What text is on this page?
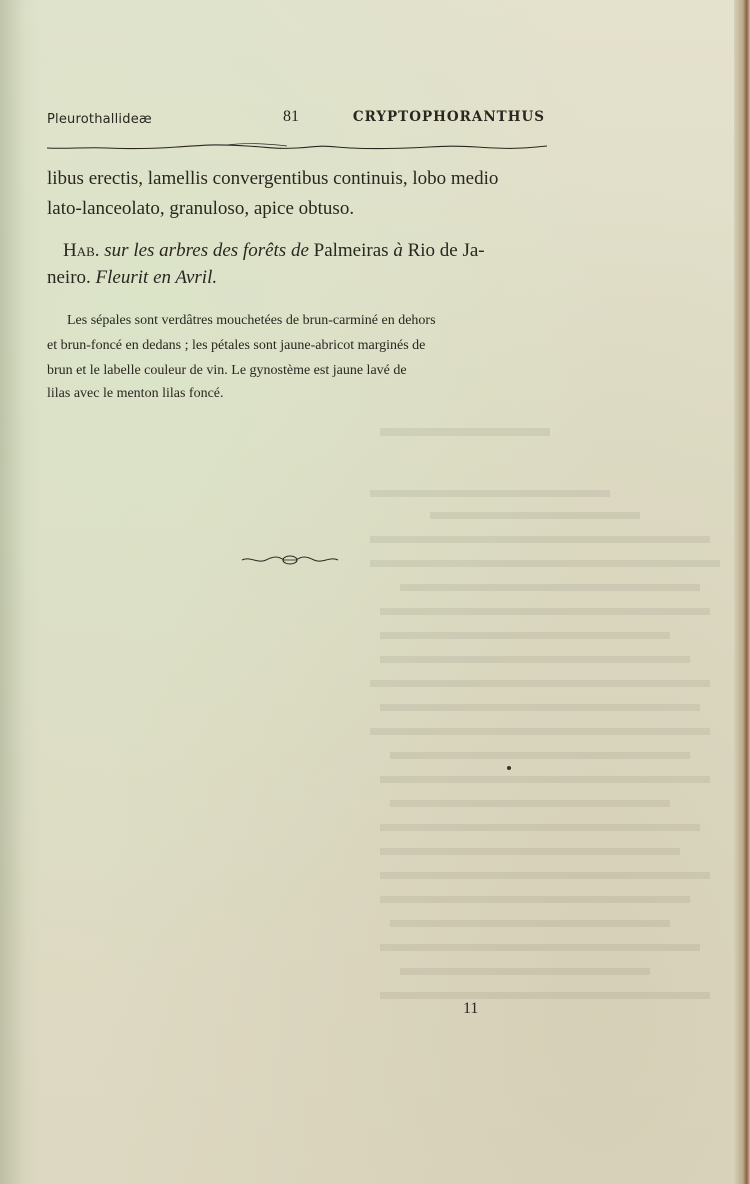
Pleurothallideæ	81	CRYPTOPHORANTHUS
libus erectis, lamellis convergentibus continuis, lobo medio
lato-lanceolato, granuloso, apice obtuso.
Hab. sur les arbres des forêts de Palmeiras à Rio de Ja-
neiro. Fleurit en Avril.
Les sépales sont verdâtres mouchetées de brun-carminé en dehors
et brun-foncé en dedans ; les pétales sont jaune-abricot marginés de
brun et le labelle couleur de vin. Le gynostème est jaune lavé de
lilas avec le menton lilas foncé.
11
